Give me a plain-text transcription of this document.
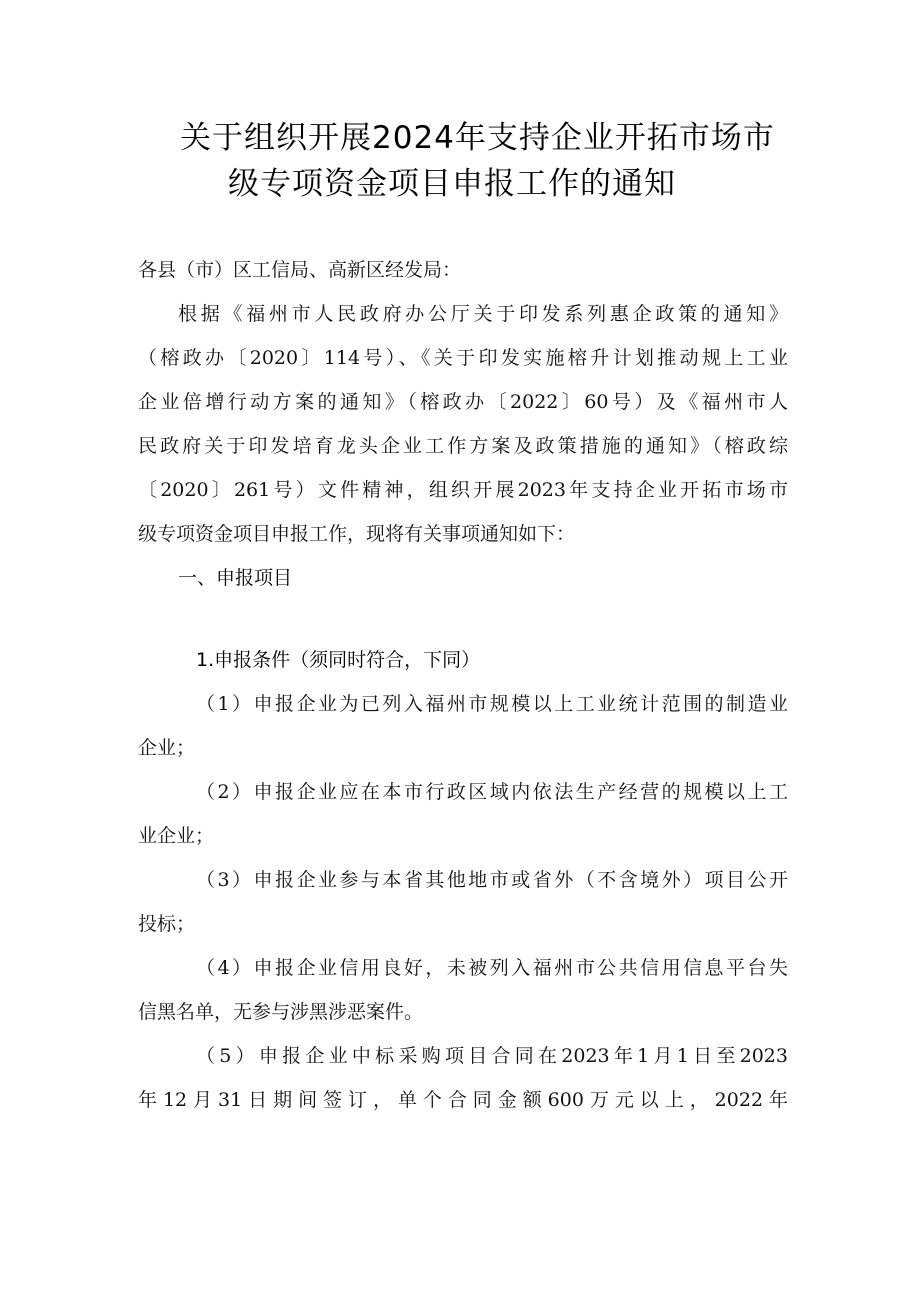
关于组织开展2024年支持企业开拓市场市
级专项资金项目申报工作的通知
各县（市）区工信局、高新区经发局：
根据《福州市人民政府办公厅关于印发系列惠企政策的通知》
（榕政办〔2020〕114号）、《关于印发实施榕升计划推动规上工业
企业倍增行动方案的通知》（榕政办〔2022〕60号）及《福州市人
民政府关于印发培育龙头企业工作方案及政策措施的通知》（榕政综
〔2020〕261号）文件精神，组织开展2023年支持企业开拓市场市
级专项资金项目申报工作，现将有关事项通知如下：
一、申报项目
1.申报条件（须同时符合，下同）
（1）申报企业为已列入福州市规模以上工业统计范围的制造业
企业；
（2）申报企业应在本市行政区域内依法生产经营的规模以上工
业企业；
（3）申报企业参与本省其他地市或省外（不含境外）项目公开
投标；
（4）申报企业信用良好，未被列入福州市公共信用信息平台失
信黑名单，无参与涉黑涉恶案件。
（5）申报企业中标采购项目合同在2023年1月1日至2023
年12月31日期间签订，单个合同金额600万元以上，2022年
